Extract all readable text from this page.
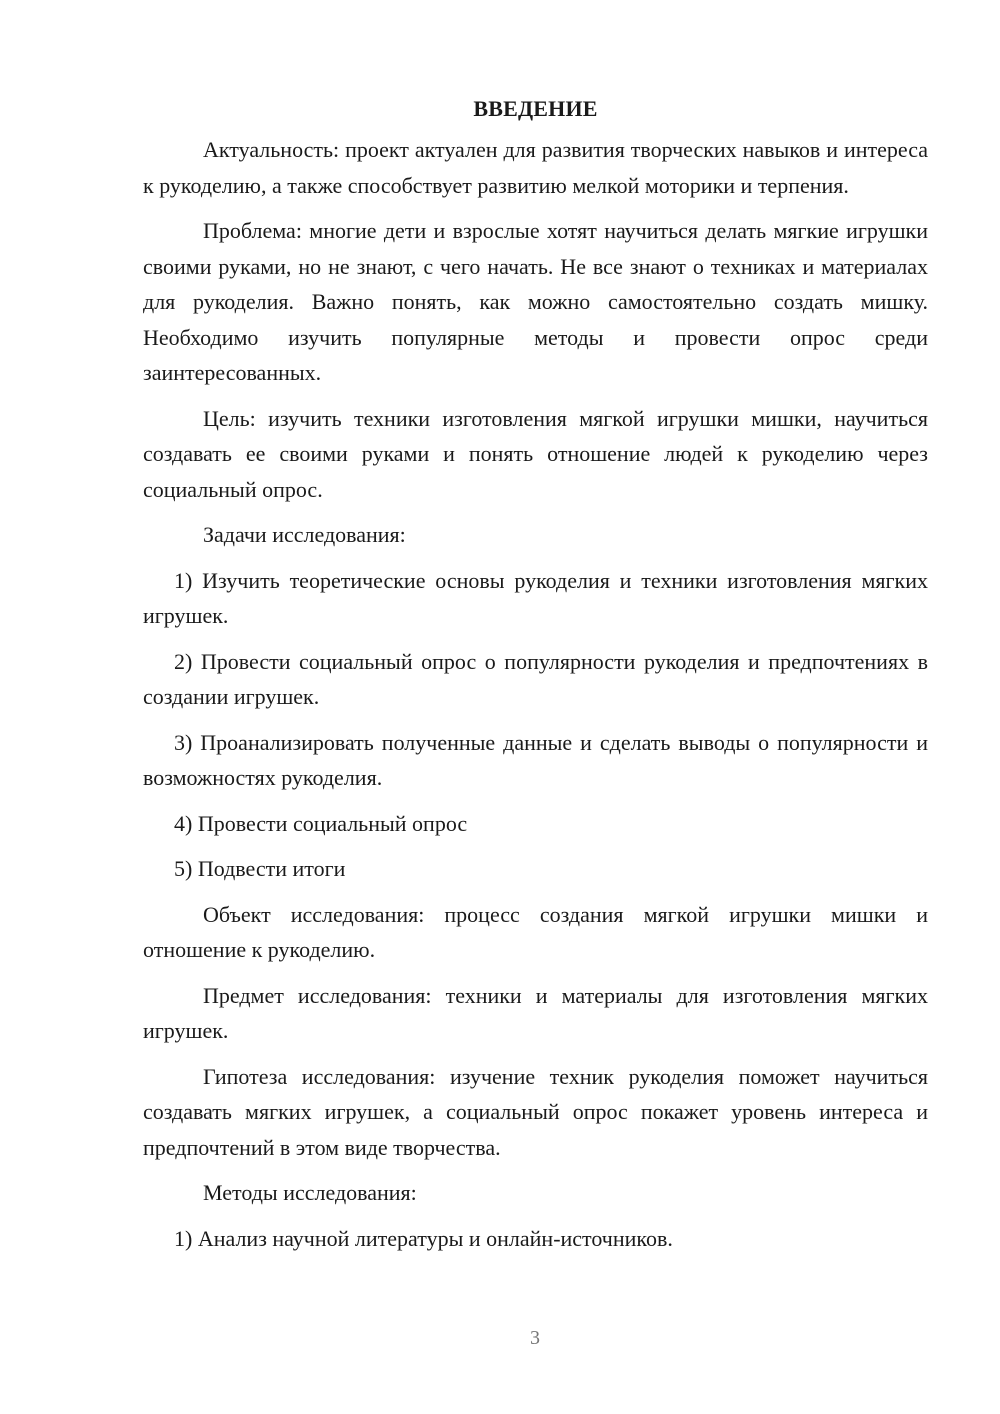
ВВЕДЕНИЕ

Актуальность: проект актуален для развития творческих навыков и интереса к рукоделию, а также способствует развитию мелкой моторики и терпения.

Проблема: многие дети и взрослые хотят научиться делать мягкие игрушки своими руками, но не знают, с чего начать. Не все знают о техниках и материалах для рукоделия. Важно понять, как можно самостоятельно создать мишку. Необходимо изучить популярные методы и провести опрос среди заинтересованных.

Цель: изучить техники изготовления мягкой игрушки мишки, научиться создавать ее своими руками и понять отношение людей к рукоделию через социальный опрос.

Задачи исследования:

1) Изучить теоретические основы рукоделия и техники изготовления мягких игрушек.

2) Провести социальный опрос о популярности рукоделия и предпочтениях в создании игрушек.

3) Проанализировать полученные данные и сделать выводы о популярности и возможностях рукоделия.

4) Провести социальный опрос

5) Подвести итоги

Объект исследования: процесс создания мягкой игрушки мишки и отношение к рукоделию.

Предмет исследования: техники и материалы для изготовления мягких игрушек.

Гипотеза исследования: изучение техник рукоделия поможет научиться создавать мягких игрушек, а социальный опрос покажет уровень интереса и предпочтений в этом виде творчества.

Методы исследования:

1) Анализ научной литературы и онлайн-источников.

3
